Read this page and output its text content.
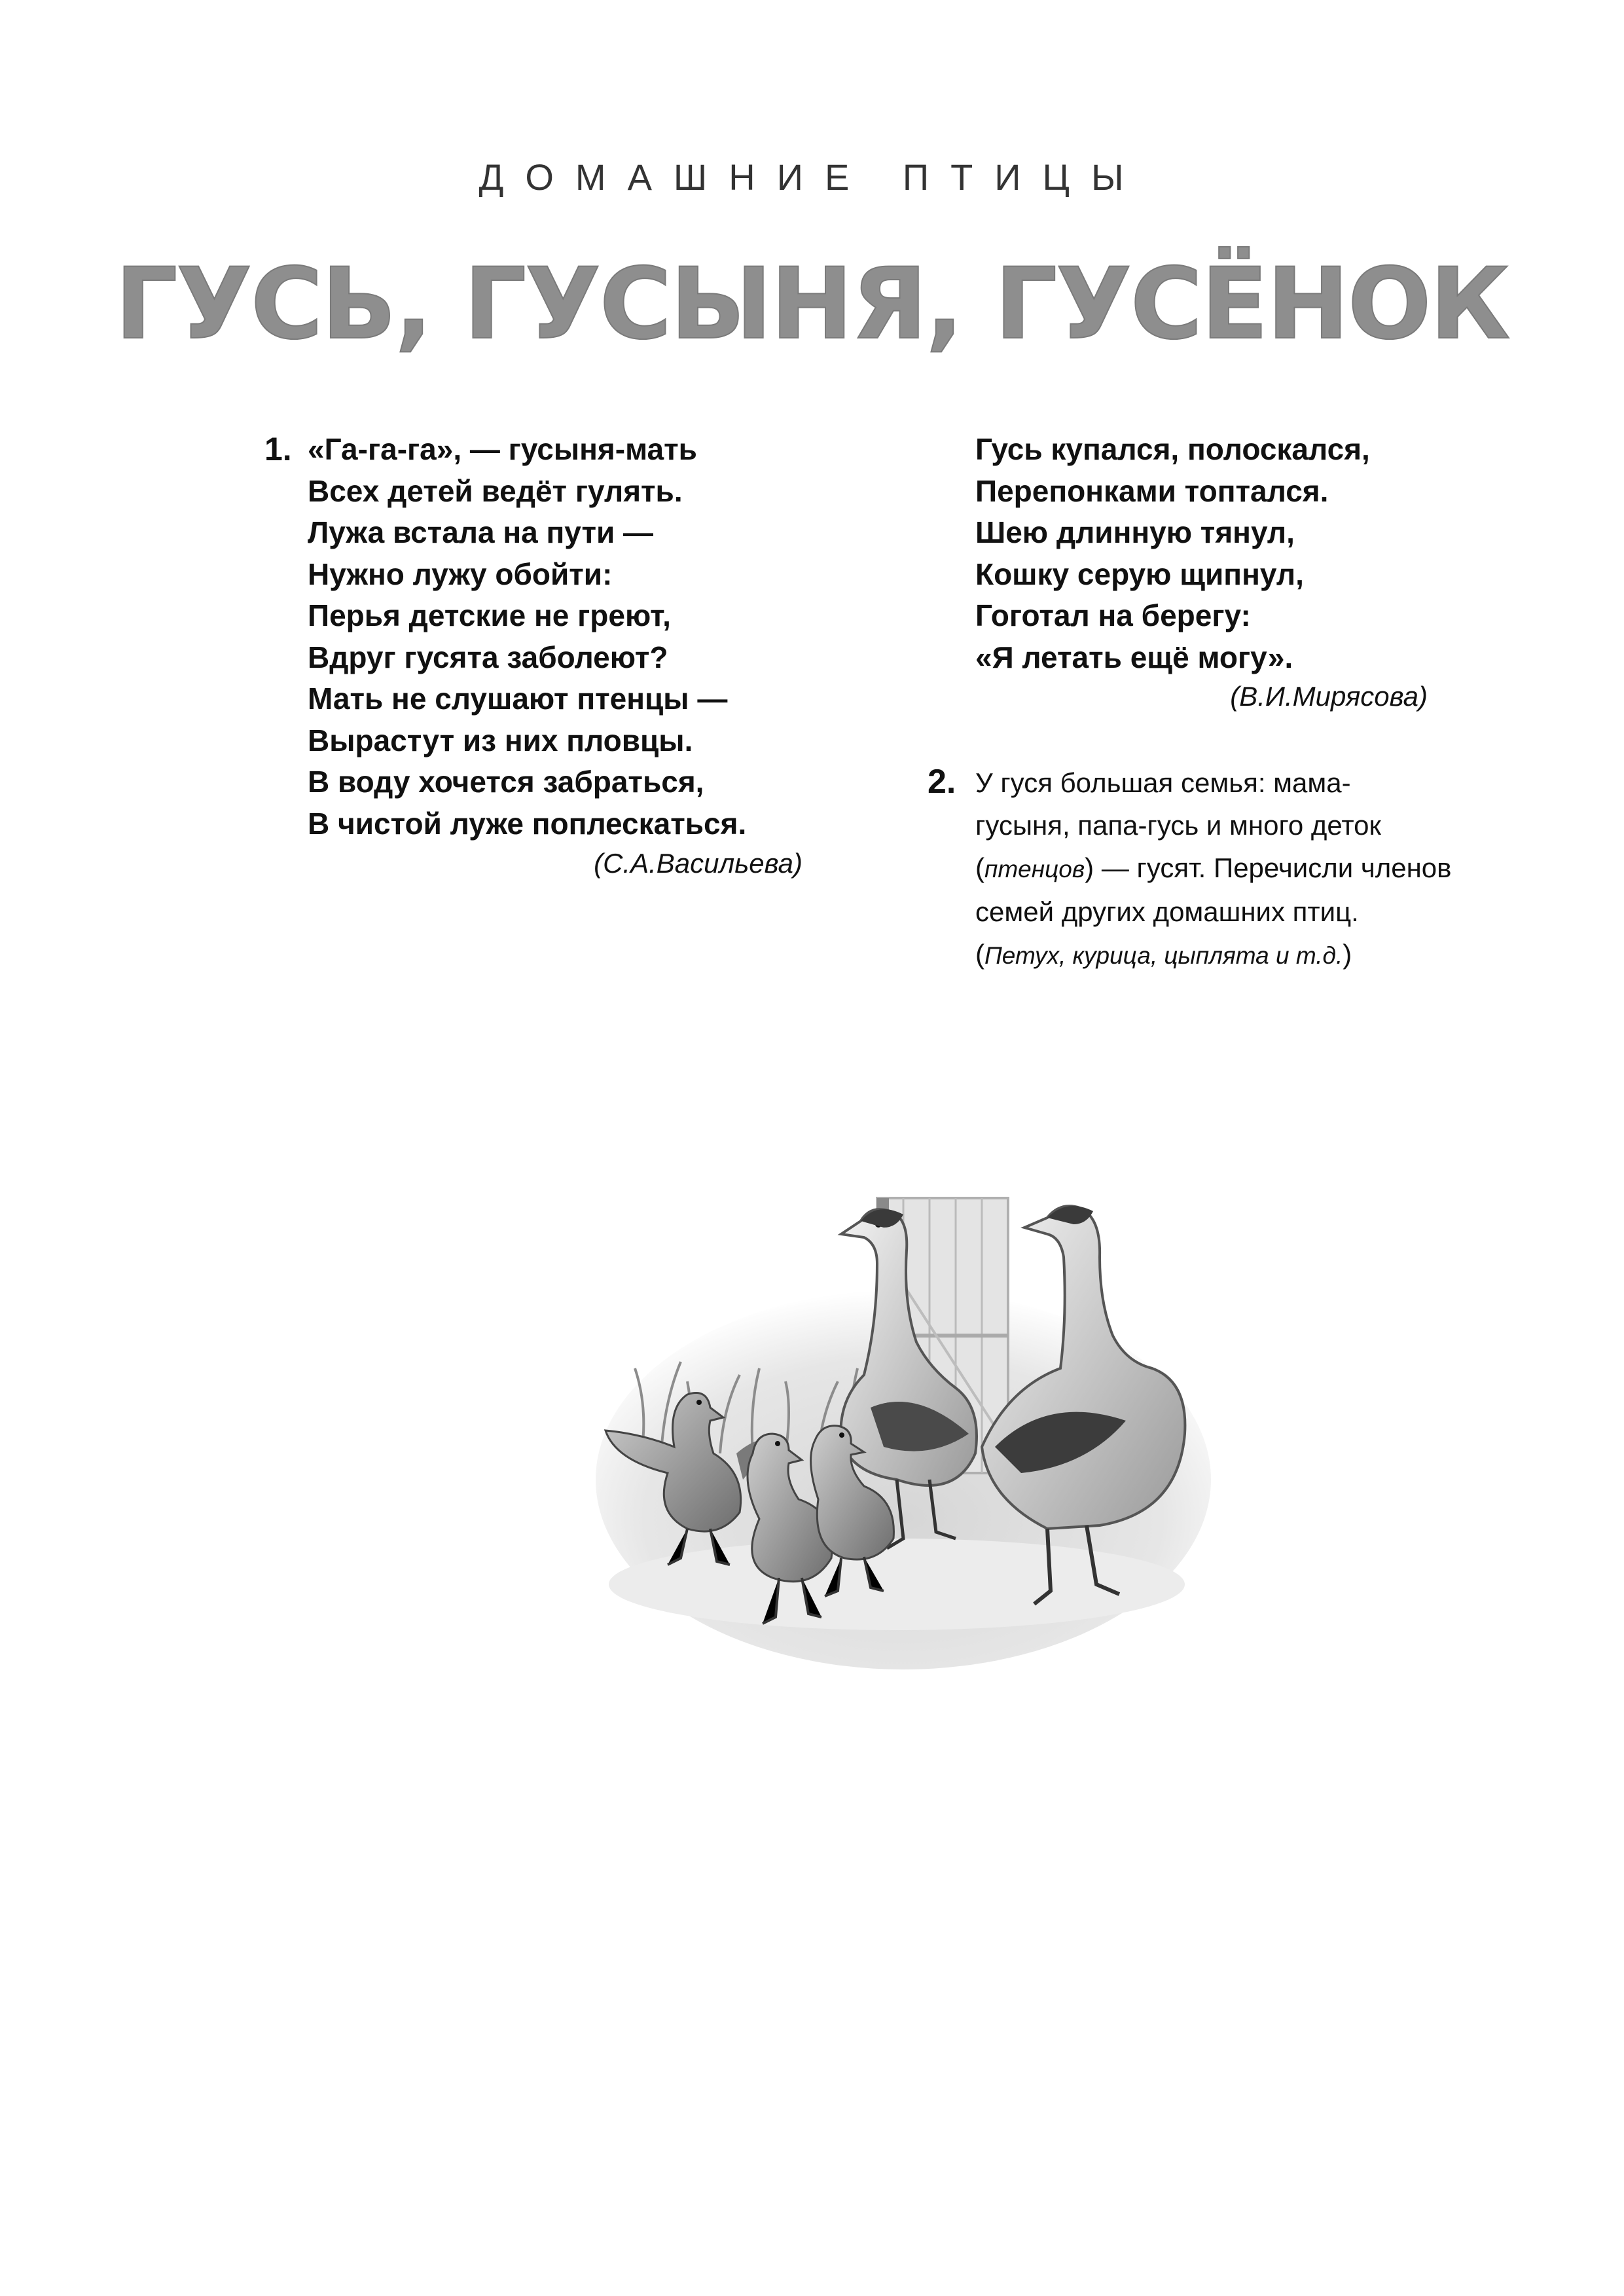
ДОМАШНИЕ ПТИЦЫ
ГУСЬ, ГУСЫНЯ, ГУСЁНОК
1. «Га-га-га», — гусыня-мать
Всех детей ведёт гулять.
Лужа встала на пути —
Нужно лужу обойти:
Перья детские не греют,
Вдруг гусята заболеют?
Мать не слушают птенцы —
Вырастут из них пловцы.
В воду хочется забраться,
В чистой луже поплескаться.
(С.А.Васильева)
Гусь купался, полоскался,
Перепонками топтался.
Шею длинную тянул,
Кошку серую щипнул,
Гоготал на берегу:
«Я летать ещё могу».
(В.И.Мирясова)
2. У гуся большая семья: мама-
гусыня, папа-гусь и много деток
(птенцов) — гусят. Перечисли членов
семей других домашних птиц.
(Петух, курица, цыплята и т.д.)
